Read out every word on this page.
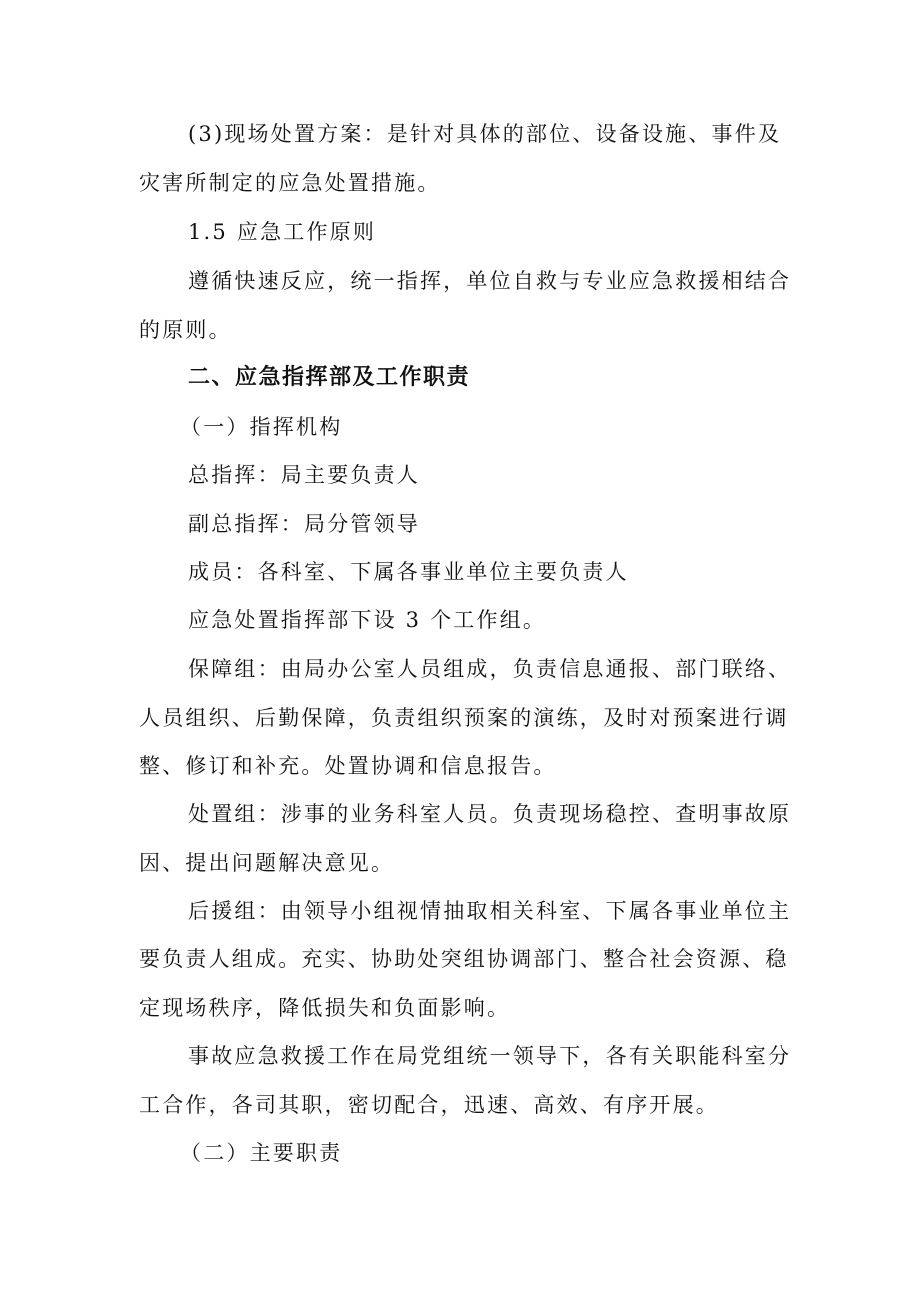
(3)现场处置方案：是针对具体的部位、设备设施、事件及
灾害所制定的应急处置措施。
1.5 应急工作原则
遵循快速反应，统一指挥，单位自救与专业应急救援相结合
的原则。
二、应急指挥部及工作职责
（一）指挥机构
总指挥：局主要负责人
副总指挥：局分管领导
成员：各科室、下属各事业单位主要负责人
应急处置指挥部下设 3 个工作组。
保障组：由局办公室人员组成，负责信息通报、部门联络、
人员组织、后勤保障，负责组织预案的演练，及时对预案进行调
整、修订和补充。处置协调和信息报告。
处置组：涉事的业务科室人员。负责现场稳控、查明事故原
因、提出问题解决意见。
后援组：由领导小组视情抽取相关科室、下属各事业单位主
要负责人组成。充实、协助处突组协调部门、整合社会资源、稳
定现场秩序，降低损失和负面影响。
事故应急救援工作在局党组统一领导下，各有关职能科室分
工合作，各司其职，密切配合，迅速、高效、有序开展。
（二）主要职责
